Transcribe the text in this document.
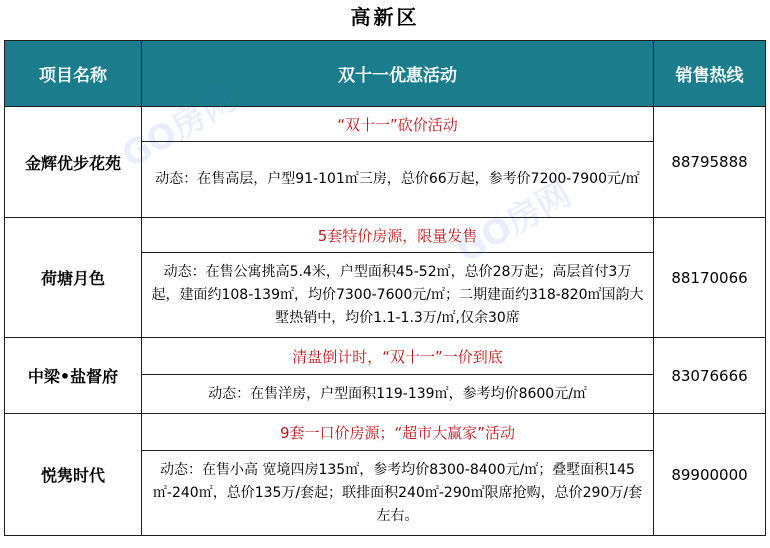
高新区
项目名称	双十一优惠活动	销售热线
金辉优步花苑	“双十一”砍价活动	88795888
	动态：在售高层，户型91-101㎡三房，总价66万起，参考价7200-7900元/㎡	
荷塘月色	5套特价房源，限量发售	88170066
	动态：在售公寓挑高5.4米，户型面积45-52㎡，总价28万起；高层首付3万起，建面约108-139㎡，均价7300-7600元/㎡；二期建面约318-820㎡国韵大墅热销中，均价1.1-1.3万/㎡,仅余30席	
中梁•盐督府	清盘倒计时，“双十一”一价到底	83076666
	动态：在售洋房，户型面积119-139㎡，参考均价8600元/㎡	
悦隽时代	9套一口价房源；“超市大赢家”活动	89900000
	动态：在售小高 宽境四房135㎡，参考均价8300-8400元/㎡；叠墅面积145㎡-240㎡，总价135万/套起；联排面积240㎡-290㎡限席抢购，总价290万/套左右。	
GO房网
GO房网
